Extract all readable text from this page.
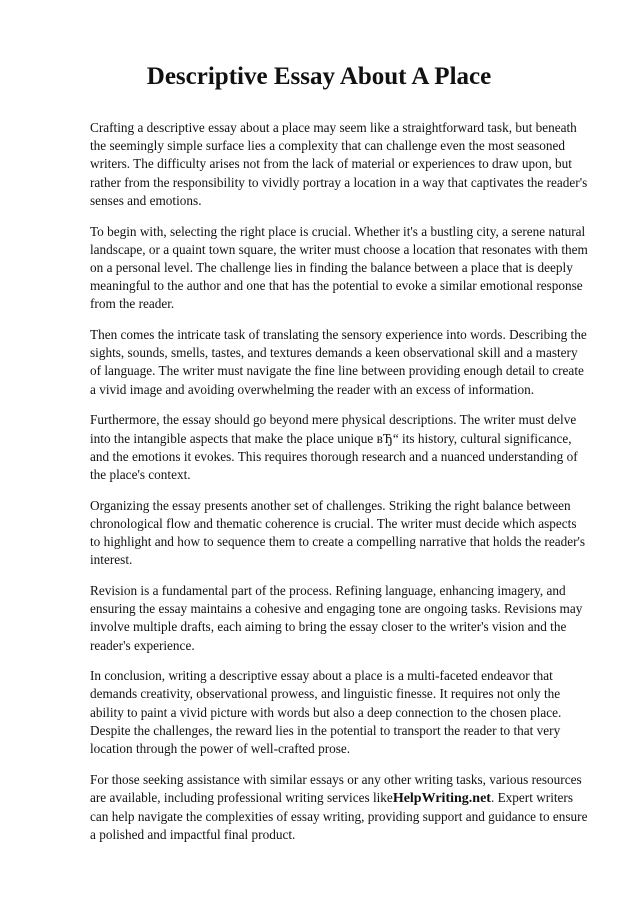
Descriptive Essay About A Place

Crafting a descriptive essay about a place may seem like a straightforward task, but beneath the seemingly simple surface lies a complexity that can challenge even the most seasoned writers. The difficulty arises not from the lack of material or experiences to draw upon, but rather from the responsibility to vividly portray a location in a way that captivates the reader's senses and emotions.

To begin with, selecting the right place is crucial. Whether it's a bustling city, a serene natural landscape, or a quaint town square, the writer must choose a location that resonates with them on a personal level. The challenge lies in finding the balance between a place that is deeply meaningful to the author and one that has the potential to evoke a similar emotional response from the reader.

Then comes the intricate task of translating the sensory experience into words. Describing the sights, sounds, smells, tastes, and textures demands a keen observational skill and a mastery of language. The writer must navigate the fine line between providing enough detail to create a vivid image and avoiding overwhelming the reader with an excess of information.

Furthermore, the essay should go beyond mere physical descriptions. The writer must delve into the intangible aspects that make the place unique вЂ“ its history, cultural significance, and the emotions it evokes. This requires thorough research and a nuanced understanding of the place's context.

Organizing the essay presents another set of challenges. Striking the right balance between chronological flow and thematic coherence is crucial. The writer must decide which aspects to highlight and how to sequence them to create a compelling narrative that holds the reader's interest.

Revision is a fundamental part of the process. Refining language, enhancing imagery, and ensuring the essay maintains a cohesive and engaging tone are ongoing tasks. Revisions may involve multiple drafts, each aiming to bring the essay closer to the writer's vision and the reader's experience.

In conclusion, writing a descriptive essay about a place is a multi-faceted endeavor that demands creativity, observational prowess, and linguistic finesse. It requires not only the ability to paint a vivid picture with words but also a deep connection to the chosen place. Despite the challenges, the reward lies in the potential to transport the reader to that very location through the power of well-crafted prose.

For those seeking assistance with similar essays or any other writing tasks, various resources are available, including professional writing services likeHelpWriting.net. Expert writers can help navigate the complexities of essay writing, providing support and guidance to ensure a polished and impactful final product.
